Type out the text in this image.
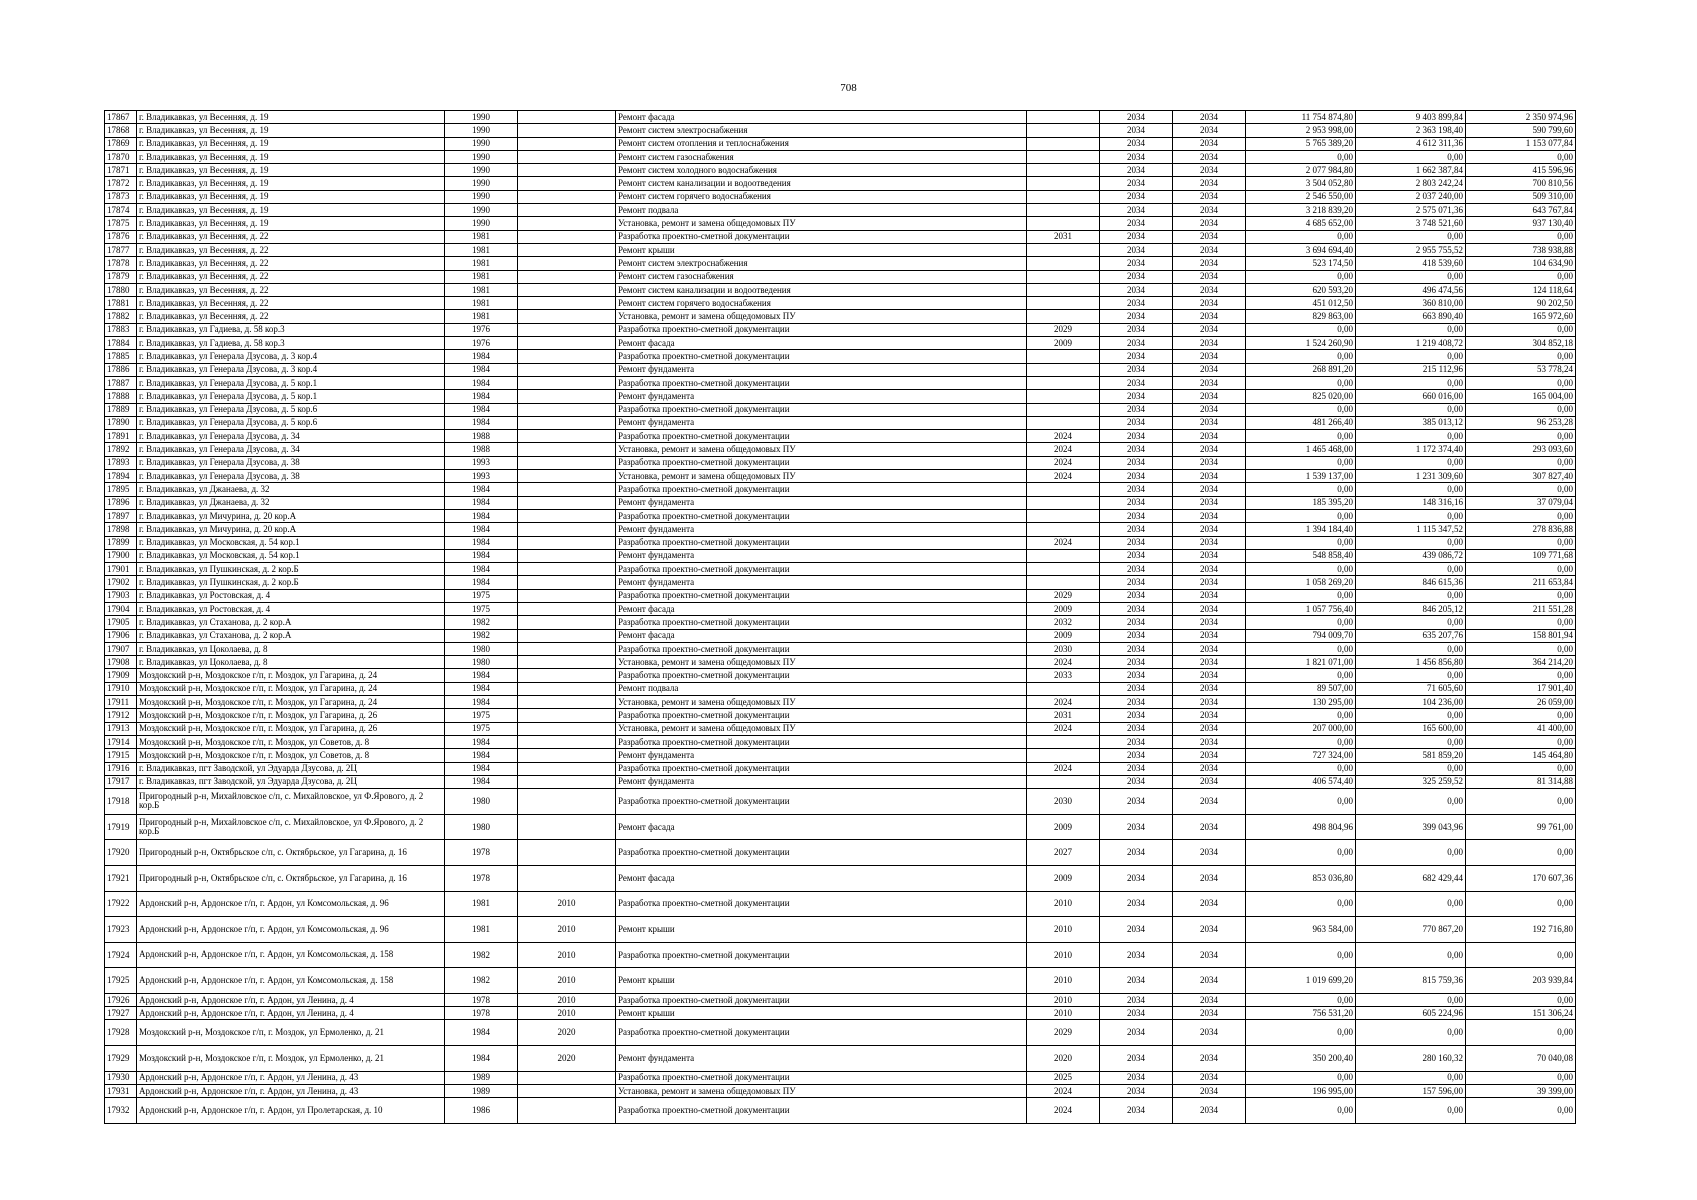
708
17867	г. Владикавказ, ул Весенняя, д. 19	1990		Ремонт фасада		2034	2034	11 754 874,80	9 403 899,84	2 350 974,96
17868	г. Владикавказ, ул Весенняя, д. 19	1990		Ремонт систем электроснабжения		2034	2034	2 953 998,00	2 363 198,40	590 799,60
17869	г. Владикавказ, ул Весенняя, д. 19	1990		Ремонт систем отопления и теплоснабжения		2034	2034	5 765 389,20	4 612 311,36	1 153 077,84
17870	г. Владикавказ, ул Весенняя, д. 19	1990		Ремонт систем газоснабжения		2034	2034	0,00	0,00	0,00
17871	г. Владикавказ, ул Весенняя, д. 19	1990		Ремонт систем холодного водоснабжения		2034	2034	2 077 984,80	1 662 387,84	415 596,96
17872	г. Владикавказ, ул Весенняя, д. 19	1990		Ремонт систем канализации и водоотведения		2034	2034	3 504 052,80	2 803 242,24	700 810,56
17873	г. Владикавказ, ул Весенняя, д. 19	1990		Ремонт систем горячего водоснабжения		2034	2034	2 546 550,00	2 037 240,00	509 310,00
17874	г. Владикавказ, ул Весенняя, д. 19	1990		Ремонт подвала		2034	2034	3 218 839,20	2 575 071,36	643 767,84
17875	г. Владикавказ, ул Весенняя, д. 19	1990		Установка, ремонт и замена общедомовых ПУ		2034	2034	4 685 652,00	3 748 521,60	937 130,40
17876	г. Владикавказ, ул Весенняя, д. 22	1981		Разработка проектно-сметной документации	2031	2034	2034	0,00	0,00	0,00
17877	г. Владикавказ, ул Весенняя, д. 22	1981		Ремонт крыши		2034	2034	3 694 694,40	2 955 755,52	738 938,88
17878	г. Владикавказ, ул Весенняя, д. 22	1981		Ремонт систем электроснабжения		2034	2034	523 174,50	418 539,60	104 634,90
17879	г. Владикавказ, ул Весенняя, д. 22	1981		Ремонт систем газоснабжения		2034	2034	0,00	0,00	0,00
17880	г. Владикавказ, ул Весенняя, д. 22	1981		Ремонт систем канализации и водоотведения		2034	2034	620 593,20	496 474,56	124 118,64
17881	г. Владикавказ, ул Весенняя, д. 22	1981		Ремонт систем горячего водоснабжения		2034	2034	451 012,50	360 810,00	90 202,50
17882	г. Владикавказ, ул Весенняя, д. 22	1981		Установка, ремонт и замена общедомовых ПУ		2034	2034	829 863,00	663 890,40	165 972,60
17883	г. Владикавказ, ул Гадиева, д. 58 кор.3	1976		Разработка проектно-сметной документации	2029	2034	2034	0,00	0,00	0,00
17884	г. Владикавказ, ул Гадиева, д. 58 кор.3	1976		Ремонт фасада	2009	2034	2034	1 524 260,90	1 219 408,72	304 852,18
17885	г. Владикавказ, ул Генерала Дзусова, д. 3 кор.4	1984		Разработка проектно-сметной документации		2034	2034	0,00	0,00	0,00
17886	г. Владикавказ, ул Генерала Дзусова, д. 3 кор.4	1984		Ремонт фундамента		2034	2034	268 891,20	215 112,96	53 778,24
17887	г. Владикавказ, ул Генерала Дзусова, д. 5 кор.1	1984		Разработка проектно-сметной документации		2034	2034	0,00	0,00	0,00
17888	г. Владикавказ, ул Генерала Дзусова, д. 5 кор.1	1984		Ремонт фундамента		2034	2034	825 020,00	660 016,00	165 004,00
17889	г. Владикавказ, ул Генерала Дзусова, д. 5 кор.6	1984		Разработка проектно-сметной документации		2034	2034	0,00	0,00	0,00
17890	г. Владикавказ, ул Генерала Дзусова, д. 5 кор.6	1984		Ремонт фундамента		2034	2034	481 266,40	385 013,12	96 253,28
17891	г. Владикавказ, ул Генерала Дзусова, д. 34	1988		Разработка проектно-сметной документации	2024	2034	2034	0,00	0,00	0,00
17892	г. Владикавказ, ул Генерала Дзусова, д. 34	1988		Установка, ремонт и замена общедомовых ПУ	2024	2034	2034	1 465 468,00	1 172 374,40	293 093,60
17893	г. Владикавказ, ул Генерала Дзусова, д. 38	1993		Разработка проектно-сметной документации	2024	2034	2034	0,00	0,00	0,00
17894	г. Владикавказ, ул Генерала Дзусова, д. 38	1993		Установка, ремонт и замена общедомовых ПУ	2024	2034	2034	1 539 137,00	1 231 309,60	307 827,40
17895	г. Владикавказ, ул Джанаева, д. 32	1984		Разработка проектно-сметной документации		2034	2034	0,00	0,00	0,00
17896	г. Владикавказ, ул Джанаева, д. 32	1984		Ремонт фундамента		2034	2034	185 395,20	148 316,16	37 079,04
17897	г. Владикавказ, ул Мичурина, д. 20 кор.А	1984		Разработка проектно-сметной документации		2034	2034	0,00	0,00	0,00
17898	г. Владикавказ, ул Мичурина, д. 20 кор.А	1984		Ремонт фундамента		2034	2034	1 394 184,40	1 115 347,52	278 836,88
17899	г. Владикавказ, ул Московская, д. 54 кор.1	1984		Разработка проектно-сметной документации	2024	2034	2034	0,00	0,00	0,00
17900	г. Владикавказ, ул Московская, д. 54 кор.1	1984		Ремонт фундамента		2034	2034	548 858,40	439 086,72	109 771,68
17901	г. Владикавказ, ул Пушкинская, д. 2 кор.Б	1984		Разработка проектно-сметной документации		2034	2034	0,00	0,00	0,00
17902	г. Владикавказ, ул Пушкинская, д. 2 кор.Б	1984		Ремонт фундамента		2034	2034	1 058 269,20	846 615,36	211 653,84
17903	г. Владикавказ, ул Ростовская, д. 4	1975		Разработка проектно-сметной документации	2029	2034	2034	0,00	0,00	0,00
17904	г. Владикавказ, ул Ростовская, д. 4	1975		Ремонт фасада	2009	2034	2034	1 057 756,40	846 205,12	211 551,28
17905	г. Владикавказ, ул Стаханова, д. 2 кор.А	1982		Разработка проектно-сметной документации	2032	2034	2034	0,00	0,00	0,00
17906	г. Владикавказ, ул Стаханова, д. 2 кор.А	1982		Ремонт фасада	2009	2034	2034	794 009,70	635 207,76	158 801,94
17907	г. Владикавказ, ул Цоколаева, д. 8	1980		Разработка проектно-сметной документации	2030	2034	2034	0,00	0,00	0,00
17908	г. Владикавказ, ул Цоколаева, д. 8	1980		Установка, ремонт и замена общедомовых ПУ	2024	2034	2034	1 821 071,00	1 456 856,80	364 214,20
17909	Моздокский р-н, Моздокское г/п, г. Моздок, ул Гагарина, д. 24	1984		Разработка проектно-сметной документации	2033	2034	2034	0,00	0,00	0,00
17910	Моздокский р-н, Моздокское г/п, г. Моздок, ул Гагарина, д. 24	1984		Ремонт подвала		2034	2034	89 507,00	71 605,60	17 901,40
17911	Моздокский р-н, Моздокское г/п, г. Моздок, ул Гагарина, д. 24	1984		Установка, ремонт и замена общедомовых ПУ	2024	2034	2034	130 295,00	104 236,00	26 059,00
17912	Моздокский р-н, Моздокское г/п, г. Моздок, ул Гагарина, д. 26	1975		Разработка проектно-сметной документации	2031	2034	2034	0,00	0,00	0,00
17913	Моздокский р-н, Моздокское г/п, г. Моздок, ул Гагарина, д. 26	1975		Установка, ремонт и замена общедомовых ПУ	2024	2034	2034	207 000,00	165 600,00	41 400,00
17914	Моздокский р-н, Моздокское г/п, г. Моздок, ул Советов, д. 8	1984		Разработка проектно-сметной документации		2034	2034	0,00	0,00	0,00
17915	Моздокский р-н, Моздокское г/п, г. Моздок, ул Советов, д. 8	1984		Ремонт фундамента		2034	2034	727 324,00	581 859,20	145 464,80
17916	г. Владикавказ, пгт Заводской, ул Эдуарда Дзусова, д. 2Ц	1984		Разработка проектно-сметной документации	2024	2034	2034	0,00	0,00	0,00
17917	г. Владикавказ, пгт Заводской, ул Эдуарда Дзусова, д. 2Ц	1984		Ремонт фундамента		2034	2034	406 574,40	325 259,52	81 314,88
17918	Пригородный р-н, Михайловское с/п, с. Михайловское, ул Ф.Ярового, д. 2 кор.Б	1980		Разработка проектно-сметной документации	2030	2034	2034	0,00	0,00	0,00
17919	Пригородный р-н, Михайловское с/п, с. Михайловское, ул Ф.Ярового, д. 2 кор.Б	1980		Ремонт фасада	2009	2034	2034	498 804,96	399 043,96	99 761,00
17920	Пригородный р-н, Октябрьское с/п, с. Октябрьское, ул Гагарина, д. 16	1978		Разработка проектно-сметной документации	2027	2034	2034	0,00	0,00	0,00
17921	Пригородный р-н, Октябрьское с/п, с. Октябрьское, ул Гагарина, д. 16	1978		Ремонт фасада	2009	2034	2034	853 036,80	682 429,44	170 607,36
17922	Ардонский р-н, Ардонское г/п, г. Ардон, ул Комсомольская, д. 96	1981	2010	Разработка проектно-сметной документации	2010	2034	2034	0,00	0,00	0,00
17923	Ардонский р-н, Ардонское г/п, г. Ардон, ул Комсомольская, д. 96	1981	2010	Ремонт крыши	2010	2034	2034	963 584,00	770 867,20	192 716,80
17924	Ардонский р-н, Ардонское г/п, г. Ардон, ул Комсомольская, д. 158	1982	2010	Разработка проектно-сметной документации	2010	2034	2034	0,00	0,00	0,00
17925	Ардонский р-н, Ардонское г/п, г. Ардон, ул Комсомольская, д. 158	1982	2010	Ремонт крыши	2010	2034	2034	1 019 699,20	815 759,36	203 939,84
17926	Ардонский р-н, Ардонское г/п, г. Ардон, ул Ленина, д. 4	1978	2010	Разработка проектно-сметной документации	2010	2034	2034	0,00	0,00	0,00
17927	Ардонский р-н, Ардонское г/п, г. Ардон, ул Ленина, д. 4	1978	2010	Ремонт крыши	2010	2034	2034	756 531,20	605 224,96	151 306,24
17928	Моздокский р-н, Моздокское г/п, г. Моздок, ул Ермоленко, д. 21	1984	2020	Разработка проектно-сметной документации	2029	2034	2034	0,00	0,00	0,00
17929	Моздокский р-н, Моздокское г/п, г. Моздок, ул Ермоленко, д. 21	1984	2020	Ремонт фундамента	2020	2034	2034	350 200,40	280 160,32	70 040,08
17930	Ардонский р-н, Ардонское г/п, г. Ардон, ул Ленина, д. 43	1989		Разработка проектно-сметной документации	2025	2034	2034	0,00	0,00	0,00
17931	Ардонский р-н, Ардонское г/п, г. Ардон, ул Ленина, д. 43	1989		Установка, ремонт и замена общедомовых ПУ	2024	2034	2034	196 995,00	157 596,00	39 399,00
17932	Ардонский р-н, Ардонское г/п, г. Ардон, ул Пролетарская, д. 10	1986		Разработка проектно-сметной документации	2024	2034	2034	0,00	0,00	0,00
